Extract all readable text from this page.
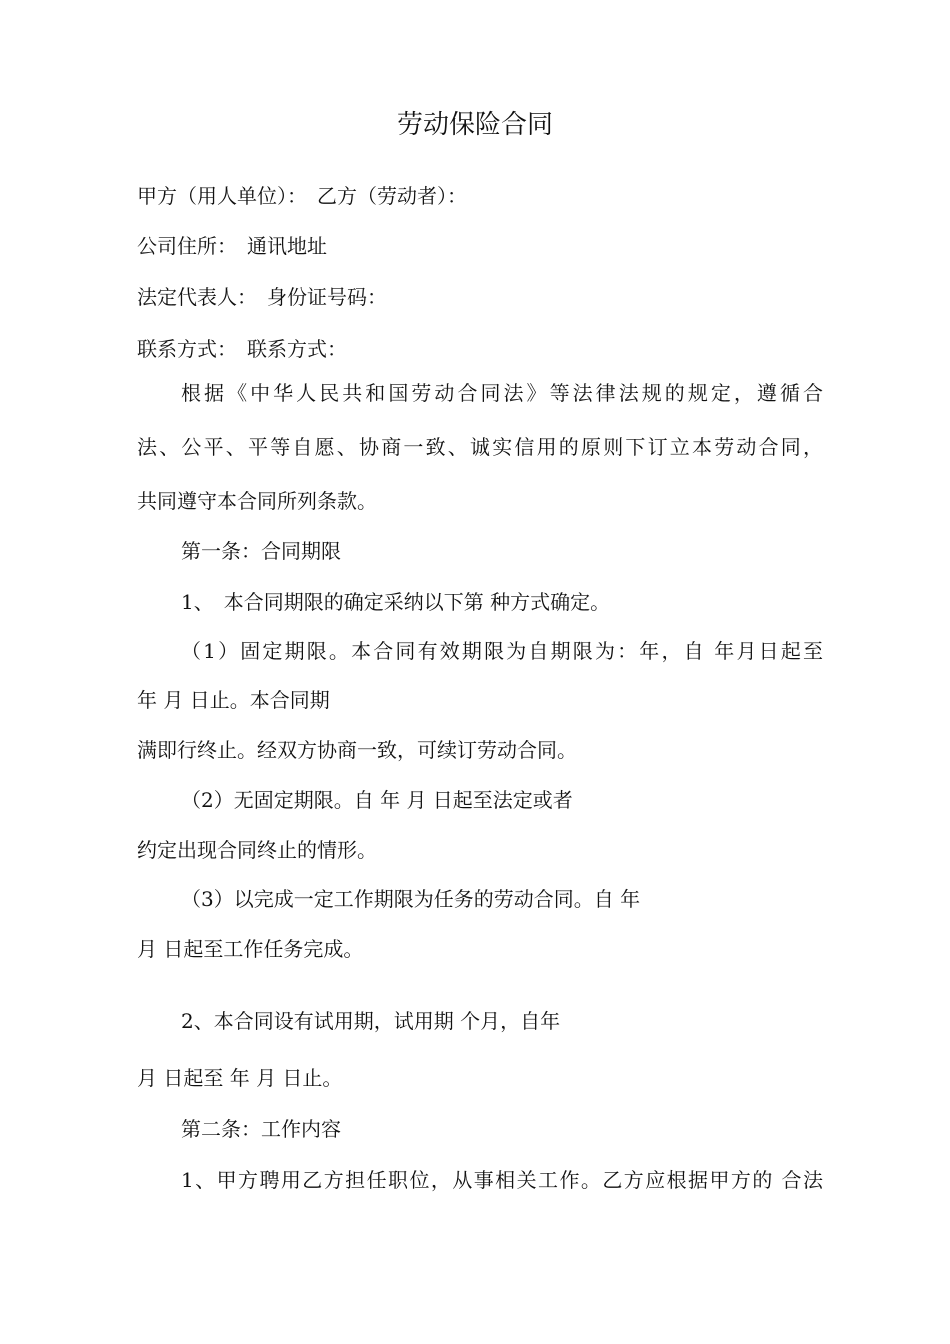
劳动保险合同
甲方（用人单位）：　乙方（劳动者）：
公司住所：　通讯地址
法定代表人：　身份证号码：
联系方式：　联系方式：
根据《中华人民共和国劳动合同法》等法律法规的规定，遵循合
法、公平、平等自愿、协商一致、诚实信用的原则下订立本劳动合同，
共同遵守本合同所列条款。
第一条：合同期限
1、　本合同期限的确定采纳以下第 种方式确定。
（1）固定期限。本合同有效期限为自期限为：年，自 年月日起至
年 月 日止。本合同期
满即行终止。经双方协商一致，可续订劳动合同。
（2）无固定期限。自 年 月 日起至法定或者
约定出现合同终止的情形。
（3）以完成一定工作期限为任务的劳动合同。自 年
月 日起至工作任务完成。
2、本合同设有试用期，试用期 个月，自年
月 日起至 年 月 日止。
第二条：工作内容
1、甲方聘用乙方担任职位，从事相关工作。乙方应根据甲方的 合法
